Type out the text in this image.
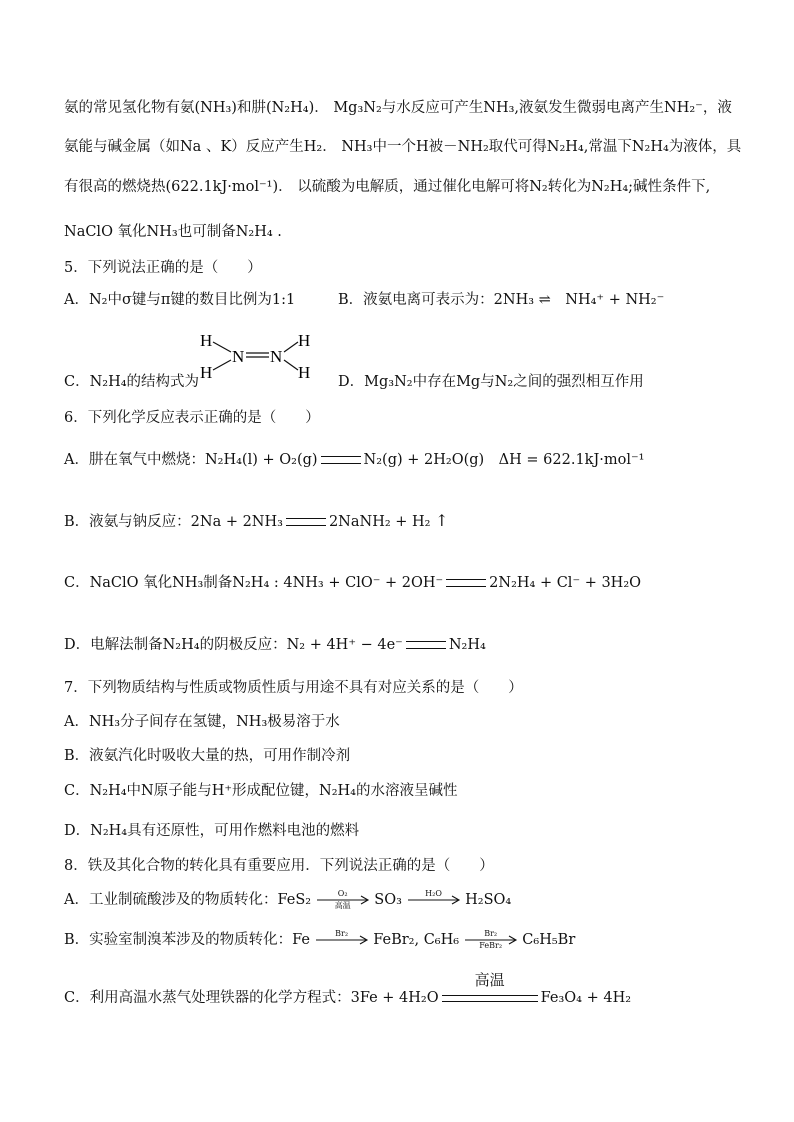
氨的常见氢化物有氨(NH₃)和肼(N₂H₄)． Mg₃N₂与水反应可产生NH₃,液氨发生微弱电离产生NH₂⁻，液
氨能与碱金属（如Na 、K）反应产生H₂． NH₃中一个H被－NH₂取代可得N₂H₄,常温下N₂H₄为液体，具
有很高的燃烧热(622.1kJ·mol⁻¹)． 以硫酸为电解质，通过催化电解可将N₂转化为N₂H₄;碱性条件下,
NaClO 氧化NH₃也可制备N₂H₄ .
5．下列说法正确的是（　　）
A．N₂中σ键与π键的数目比例为1:1	B．液氨电离可表示为：2NH₃ ⇌　NH₄⁺ + NH₂⁻
H
H
N N
H
H
C．N₂H₄的结构式为	D．Mg₃N₂中存在Mg与N₂之间的强烈相互作用
6．下列化学反应表示正确的是（　　）
A．肼在氧气中燃烧：N₂H₄(l) + O₂(g)	N₂(g) + 2H₂O(g)　ΔH = 622.1kJ·mol⁻¹
B．液氨与钠反应：2Na + 2NH₃	2NaNH₂ + H₂ ↑
C．NaClO 氧化NH₃制备N₂H₄ : 4NH₃ + ClO⁻ + 2OH⁻	2N₂H₄ + Cl⁻ + 3H₂O
D．电解法制备N₂H₄的阴极反应：N₂ + 4H⁺ − 4e⁻	N₂H₄
7．下列物质结构与性质或物质性质与用途不具有对应关系的是（　　）
A．NH₃分子间存在氢键，NH₃极易溶于水
B．液氨汽化时吸收大量的热，可用作制冷剂
C．N₂H₄中N原子能与H⁺形成配位键，N₂H₄的水溶液呈碱性
D．N₂H₄具有还原性，可用作燃料电池的燃料
8．铁及其化合物的转化具有重要应用．下列说法正确的是（　　）
A．工业制硫酸涉及的物质转化：FeS₂	O₂
高温	SO₃	H₂O	H₂SO₄
B．实验室制溴苯涉及的物质转化：Fe	Br₂	FeBr₂, C₆H₆	Br₂
FeBr₂	C₆H₅Br
C．利用高温水蒸气处理铁器的化学方程式：3Fe + 4H₂O
高温
Fe₃O₄ + 4H₂
